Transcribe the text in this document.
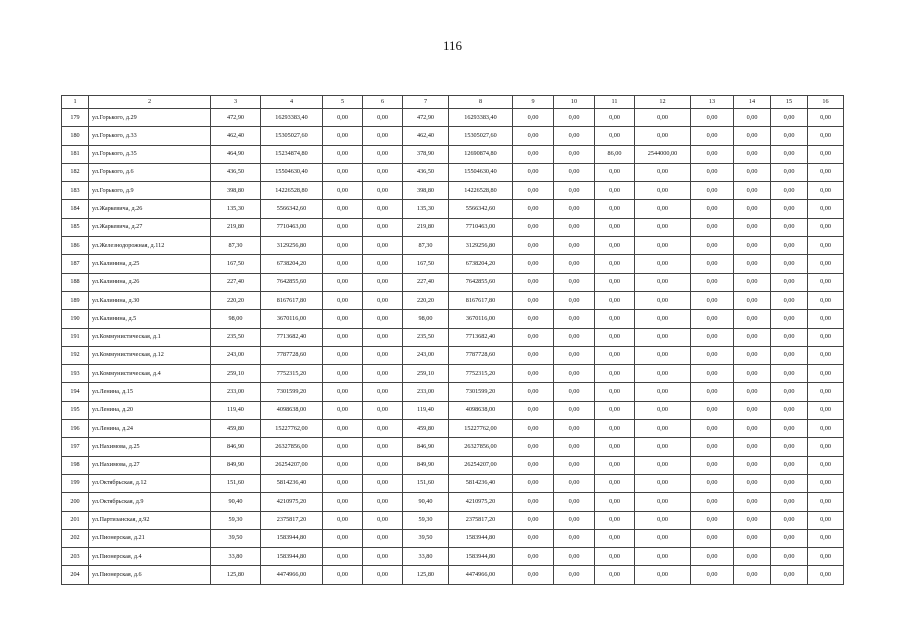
116
1	2	3	4	5	6	7	8	9	10	11	12	13	14	15	16
179	ул.Горького, д.29	472,90	16293383,40	0,00	0,00	472,90	16293383,40	0,00	0,00	0,00	0,00	0,00	0,00	0,00	0,00
180	ул.Горького, д.33	462,40	15305027,60	0,00	0,00	462,40	15305027,60	0,00	0,00	0,00	0,00	0,00	0,00	0,00	0,00
181	ул.Горького, д.35	464,90	15234874,80	0,00	0,00	378,90	12690874,80	0,00	0,00	86,00	2544000,00	0,00	0,00	0,00	0,00
182	ул.Горького, д.6	436,50	15504630,40	0,00	0,00	436,50	15504630,40	0,00	0,00	0,00	0,00	0,00	0,00	0,00	0,00
183	ул.Горького, д.9	398,80	14226528,80	0,00	0,00	398,80	14226528,80	0,00	0,00	0,00	0,00	0,00	0,00	0,00	0,00
184	ул.Жаркевича, д.26	135,30	5566342,60	0,00	0,00	135,30	5566342,60	0,00	0,00	0,00	0,00	0,00	0,00	0,00	0,00
185	ул.Жаркевича, д.27	219,80	7710463,00	0,00	0,00	219,80	7710463,00	0,00	0,00	0,00	0,00	0,00	0,00	0,00	0,00
186	ул.Железнодорожная, д.112	87,30	3129256,80	0,00	0,00	87,30	3129256,80	0,00	0,00	0,00	0,00	0,00	0,00	0,00	0,00
187	ул.Калинина, д.25	167,50	6738204,20	0,00	0,00	167,50	6738204,20	0,00	0,00	0,00	0,00	0,00	0,00	0,00	0,00
188	ул.Калинина, д.26	227,40	7642855,60	0,00	0,00	227,40	7642855,60	0,00	0,00	0,00	0,00	0,00	0,00	0,00	0,00
189	ул.Калинина, д.30	220,20	8167617,80	0,00	0,00	220,20	8167617,80	0,00	0,00	0,00	0,00	0,00	0,00	0,00	0,00
190	ул.Калинина, д.5	98,00	3670116,00	0,00	0,00	98,00	3670116,00	0,00	0,00	0,00	0,00	0,00	0,00	0,00	0,00
191	ул.Коммунистическая, д.1	235,50	7713682,40	0,00	0,00	235,50	7713682,40	0,00	0,00	0,00	0,00	0,00	0,00	0,00	0,00
192	ул.Коммунистическая, д.12	243,00	7787728,60	0,00	0,00	243,00	7787728,60	0,00	0,00	0,00	0,00	0,00	0,00	0,00	0,00
193	ул.Коммунистическая, д.4	259,10	7752315,20	0,00	0,00	259,10	7752315,20	0,00	0,00	0,00	0,00	0,00	0,00	0,00	0,00
194	ул.Ленина, д.15	233,00	7301599,20	0,00	0,00	233,00	7301599,20	0,00	0,00	0,00	0,00	0,00	0,00	0,00	0,00
195	ул.Ленина, д.20	119,40	4098638,00	0,00	0,00	119,40	4098638,00	0,00	0,00	0,00	0,00	0,00	0,00	0,00	0,00
196	ул.Ленина, д.24	459,80	15227762,00	0,00	0,00	459,80	15227762,00	0,00	0,00	0,00	0,00	0,00	0,00	0,00	0,00
197	ул.Нахимова, д.25	846,90	26327856,00	0,00	0,00	846,90	26327856,00	0,00	0,00	0,00	0,00	0,00	0,00	0,00	0,00
198	ул.Нахимова, д.27	849,90	26254207,00	0,00	0,00	849,90	26254207,00	0,00	0,00	0,00	0,00	0,00	0,00	0,00	0,00
199	ул.Октябрьская, д.12	151,60	5814236,40	0,00	0,00	151,60	5814236,40	0,00	0,00	0,00	0,00	0,00	0,00	0,00	0,00
200	ул.Октябрьская, д.9	90,40	4210975,20	0,00	0,00	90,40	4210975,20	0,00	0,00	0,00	0,00	0,00	0,00	0,00	0,00
201	ул.Партизанская, д.92	59,30	2375817,20	0,00	0,00	59,30	2375817,20	0,00	0,00	0,00	0,00	0,00	0,00	0,00	0,00
202	ул.Пионерская, д.21	39,50	1583944,80	0,00	0,00	39,50	1583944,80	0,00	0,00	0,00	0,00	0,00	0,00	0,00	0,00
203	ул.Пионерская, д.4	33,80	1583944,80	0,00	0,00	33,80	1583944,80	0,00	0,00	0,00	0,00	0,00	0,00	0,00	0,00
204	ул.Пионерская, д.6	125,80	4474966,00	0,00	0,00	125,80	4474966,00	0,00	0,00	0,00	0,00	0,00	0,00	0,00	0,00
